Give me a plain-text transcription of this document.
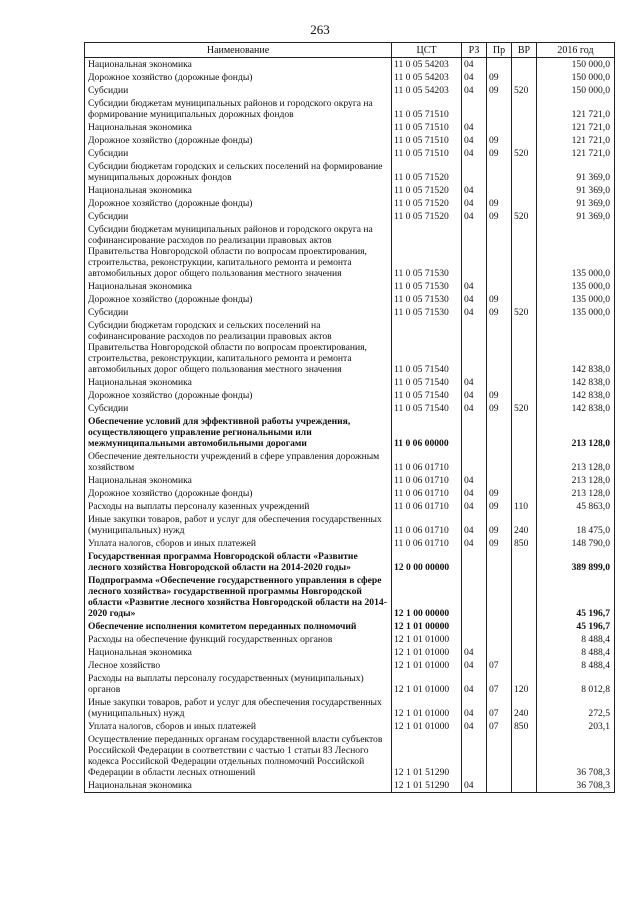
263
Наименование	ЦСТ	РЗ	Пр	ВР	2016 год
Национальная экономика	11 0 05 54203	04			150 000,0
Дорожное хозяйство (дорожные фонды)	11 0 05 54203	04	09		150 000,0
Субсидии	11 0 05 54203	04	09	520	150 000,0
Субсидии бюджетам муниципальных районов и городского округа на формирование муниципальных дорожных фондов	11 0 05 71510				121 721,0
Национальная экономика	11 0 05 71510	04			121 721,0
Дорожное хозяйство (дорожные фонды)	11 0 05 71510	04	09		121 721,0
Субсидии	11 0 05 71510	04	09	520	121 721,0
Субсидии бюджетам городских и сельских поселений на формирование муниципальных дорожных фондов	11 0 05 71520				91 369,0
Национальная экономика	11 0 05 71520	04			91 369,0
Дорожное хозяйство (дорожные фонды)	11 0 05 71520	04	09		91 369,0
Субсидии	11 0 05 71520	04	09	520	91 369,0
Субсидии бюджетам муниципальных районов и городского округа на софинансирование расходов по реализации правовых актов Правительства Новгородской области по вопросам проектирования, строительства, реконструкции, капитального ремонта и ремонта автомобильных дорог общего пользования местного значения	11 0 05 71530				135 000,0
Национальная экономика	11 0 05 71530	04			135 000,0
Дорожное хозяйство (дорожные фонды)	11 0 05 71530	04	09		135 000,0
Субсидии	11 0 05 71530	04	09	520	135 000,0
Субсидии бюджетам городских и сельских поселений на софинансирование расходов по реализации правовых актов Правительства Новгородской области по вопросам проектирования, строительства, реконструкции, капитального ремонта и ремонта автомобильных дорог общего пользования местного значения	11 0 05 71540				142 838,0
Национальная экономика	11 0 05 71540	04			142 838,0
Дорожное хозяйство (дорожные фонды)	11 0 05 71540	04	09		142 838,0
Субсидии	11 0 05 71540	04	09	520	142 838,0
Обеспечение условий для эффективной работы учреждения, осуществляющего управление региональными или межмуниципальными автомобильными дорогами	11 0 06 00000				213 128,0
Обеспечение деятельности учреждений в сфере управления дорожным хозяйством	11 0 06 01710				213 128,0
Национальная экономика	11 0 06 01710	04			213 128,0
Дорожное хозяйство (дорожные фонды)	11 0 06 01710	04	09		213 128,0
Расходы на выплаты персоналу казенных учреждений	11 0 06 01710	04	09	110	45 863,0
Иные закупки товаров, работ и услуг для обеспечения государственных (муниципальных) нужд	11 0 06 01710	04	09	240	18 475,0
Уплата налогов, сборов и иных платежей	11 0 06 01710	04	09	850	148 790,0
Государственная программа Новгородской области «Развитие лесного хозяйства Новгородской области на 2014-2020 годы»	12 0 00 00000				389 899,0
Подпрограмма «Обеспечение государственного управления в сфере лесного хозяйства» государственной программы Новгородской области «Развитие лесного хозяйства Новгородской области на 2014-2020 годы»	12 1 00 00000				45 196,7
Обеспечение исполнения комитетом переданных полномочий	12 1 01 00000				45 196,7
Расходы на обеспечение функций государственных органов	12 1 01 01000				8 488,4
Национальная экономика	12 1 01 01000	04			8 488,4
Лесное хозяйство	12 1 01 01000	04	07		8 488,4
Расходы на выплаты персоналу государственных (муниципальных) органов	12 1 01 01000	04	07	120	8 012,8
Иные закупки товаров, работ и услуг для обеспечения государственных (муниципальных) нужд	12 1 01 01000	04	07	240	272,5
Уплата налогов, сборов и иных платежей	12 1 01 01000	04	07	850	203,1
Осуществление переданных органам государственной власти субъектов Российской Федерации в соответствии с частью 1 статьи 83 Лесного кодекса Российской Федерации отдельных полномочий Российской Федерации в области лесных отношений	12 1 01 51290				36 708,3
Национальная экономика	12 1 01 51290	04			36 708,3
